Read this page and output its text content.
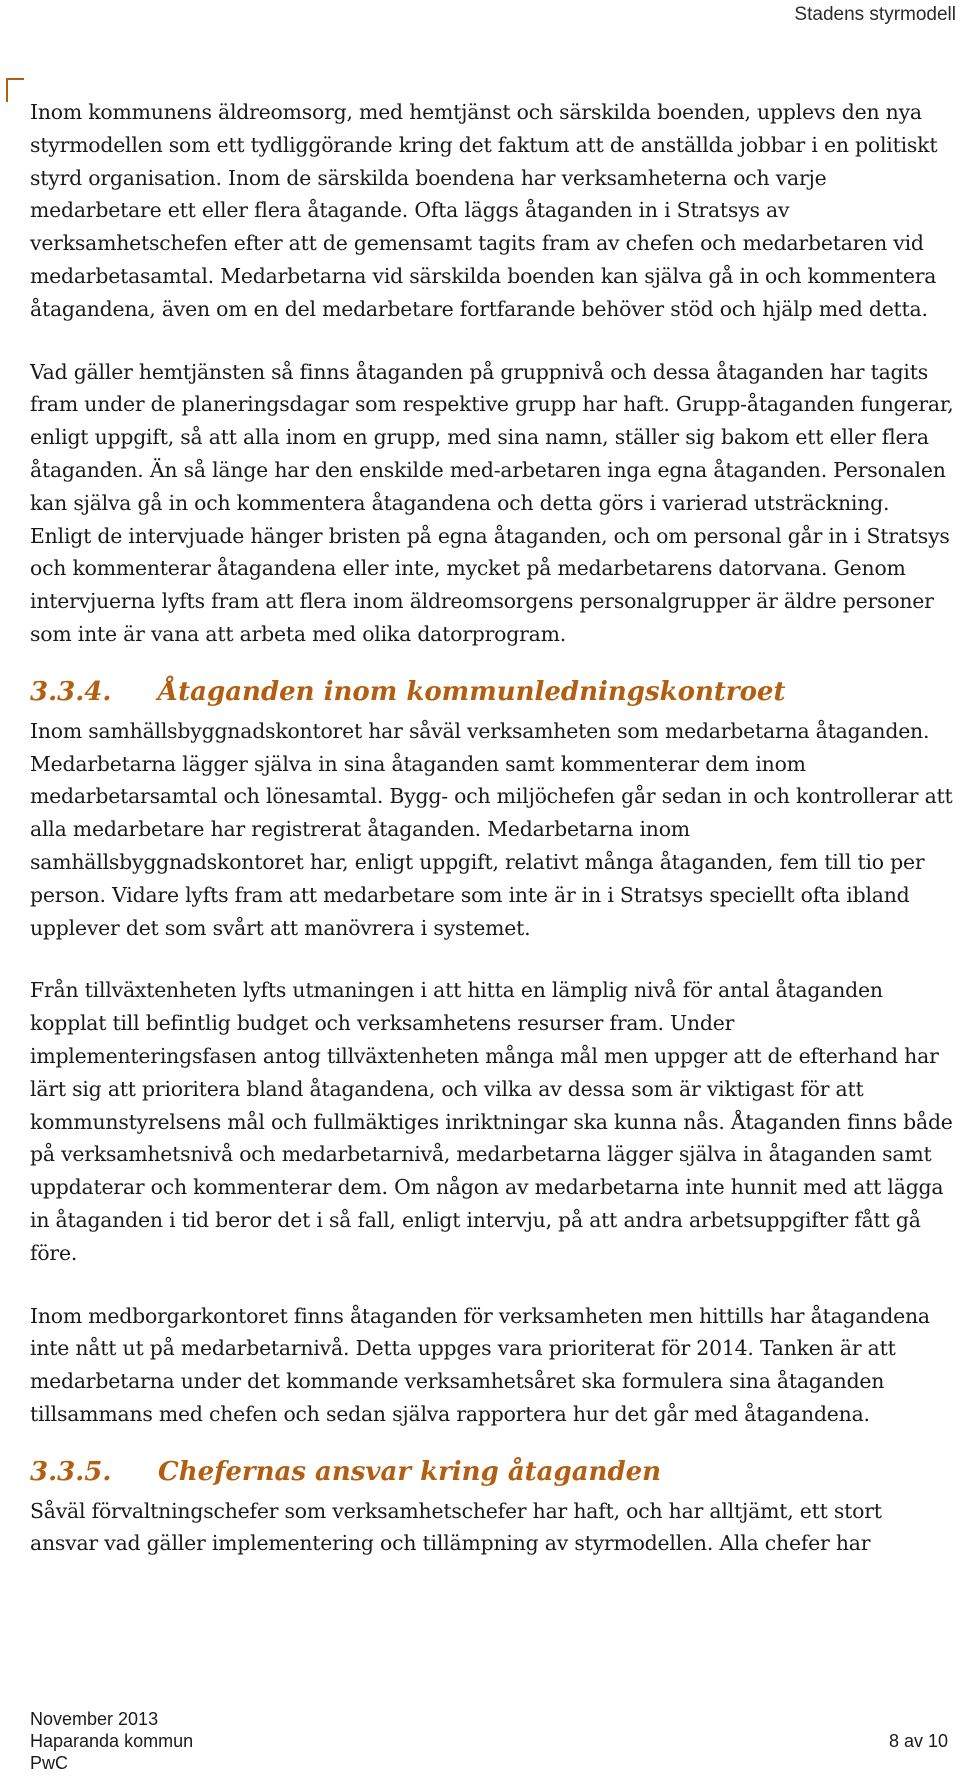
Stadens styrmodell

Inom kommunens äldreomsorg, med hemtjänst och särskilda boenden, upplevs den nya styrmodellen som ett tydliggörande kring det faktum att de anställda jobbar i en politiskt styrd organisation. Inom de särskilda boendena har verksamheterna och varje medarbetare ett eller flera åtagande. Ofta läggs åtaganden in i Stratsys av verksamhetschefen efter att de gemensamt tagits fram av chefen och medarbetaren vid medarbetasamtal. Medarbetarna vid särskilda boenden kan själva gå in och kommentera åtagandena, även om en del medarbetare fortfarande behöver stöd och hjälp med detta.

Vad gäller hemtjänsten så finns åtaganden på gruppnivå och dessa åtaganden har tagits fram under de planeringsdagar som respektive grupp har haft. Grupp-åtaganden fungerar, enligt uppgift, så att alla inom en grupp, med sina namn, ställer sig bakom ett eller flera åtaganden. Än så länge har den enskilde med-arbetaren inga egna åtaganden. Personalen kan själva gå in och kommentera åtagandena och detta görs i varierad utsträckning. Enligt de intervjuade hänger bristen på egna åtaganden, och om personal går in i Stratsys och kommenterar åtagandena eller inte, mycket på medarbetarens datorvana. Genom intervjuerna lyfts fram att flera inom äldreomsorgens personalgrupper är äldre personer som inte är vana att arbeta med olika datorprogram.

3.3.4. Åtaganden inom kommunledningskontroet

Inom samhällsbyggnadskontoret har såväl verksamheten som medarbetarna åtaganden. Medarbetarna lägger själva in sina åtaganden samt kommenterar dem inom medarbetarsamtal och lönesamtal. Bygg- och miljöchefen går sedan in och kontrollerar att alla medarbetare har registrerat åtaganden. Medarbetarna inom samhällsbyggnadskontoret har, enligt uppgift, relativt många åtaganden, fem till tio per person. Vidare lyfts fram att medarbetare som inte är in i Stratsys speciellt ofta ibland upplever det som svårt att manövrera i systemet.

Från tillväxtenheten lyfts utmaningen i att hitta en lämplig nivå för antal åtaganden kopplat till befintlig budget och verksamhetens resurser fram. Under implementeringsfasen antog tillväxtenheten många mål men uppger att de efterhand har lärt sig att prioritera bland åtagandena, och vilka av dessa som är viktigast för att kommunstyrelsens mål och fullmäktiges inriktningar ska kunna nås. Åtaganden finns både på verksamhetsnivå och medarbetarnivå, medarbetarna lägger själva in åtaganden samt uppdaterar och kommenterar dem. Om någon av medarbetarna inte hunnit med att lägga in åtaganden i tid beror det i så fall, enligt intervju, på att andra arbetsuppgifter fått gå före.

Inom medborgarkontoret finns åtaganden för verksamheten men hittills har åtagandena inte nått ut på medarbetarnivå. Detta uppges vara prioriterat för 2014. Tanken är att medarbetarna under det kommande verksamhetsåret ska formulera sina åtaganden tillsammans med chefen och sedan själva rapportera hur det går med åtagandena.

3.3.5. Chefernas ansvar kring åtaganden

Såväl förvaltningschefer som verksamhetschefer har haft, och har alltjämt, ett stort ansvar vad gäller implementering och tillämpning av styrmodellen. Alla chefer har

November 2013
Haparanda kommun
PwC
8 av 10
